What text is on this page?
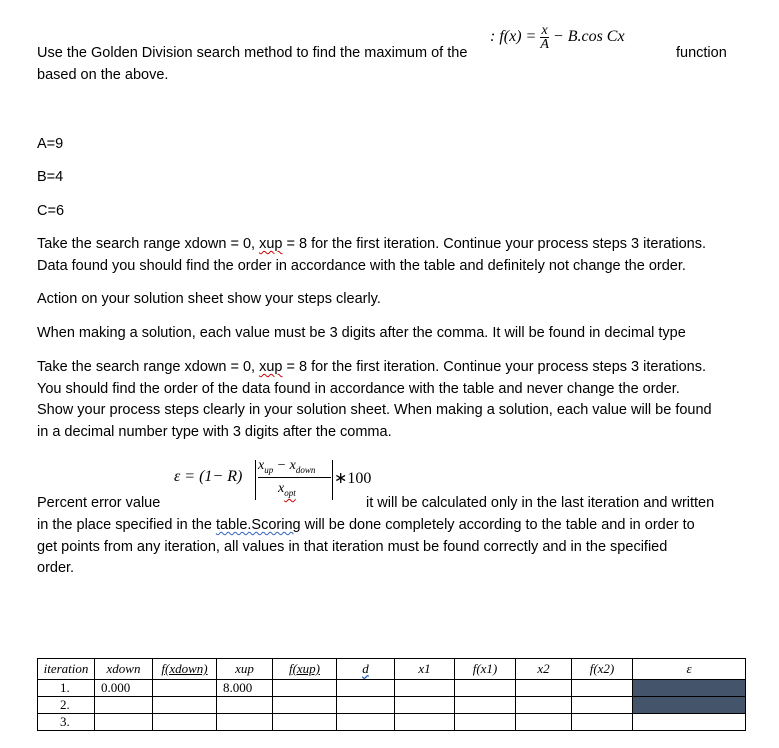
Use the Golden Division search method to find the maximum of the

: $f(x) = \frac{x}{A} - B.\cos$ Cx

function

based on the above.

A=9

B=4

C=6

Take the search range xdown = 0, xup = 8 for the first iteration. Continue your process steps 3 iterations.

Data found you should find the order in accordance with the table and definitely not change the order.

Action on your solution sheet show your steps clearly.

When making a solution, each value must be 3 digits after the comma. It will be found in decimal type

Take the search range xdown = 0, xup = 8 for the first iteration. Continue your process steps 3 iterations.

You should find the order of the data found in accordance with the table and never change the order.

Show your process steps clearly in your solution sheet. When making a solution, each value will be found

in a decimal number type with 3 digits after the comma.

ε = (1− R)
$x_{up} - x_{down}$
$x_{opt}$
∗100

Percent error value	it will be calculated only in the last iteration and written

in the place specified in the table.Scoring will be done completely according to the table and in order to

get points from any iteration, all values in that iteration must be found correctly and in the specified

order.

iteration	xdown	f(xdown)	xup	f(xup)	d	x1	f(x1)	x2	f(x2)	ε
1.	0.000		8.000							
2.										
3.										
